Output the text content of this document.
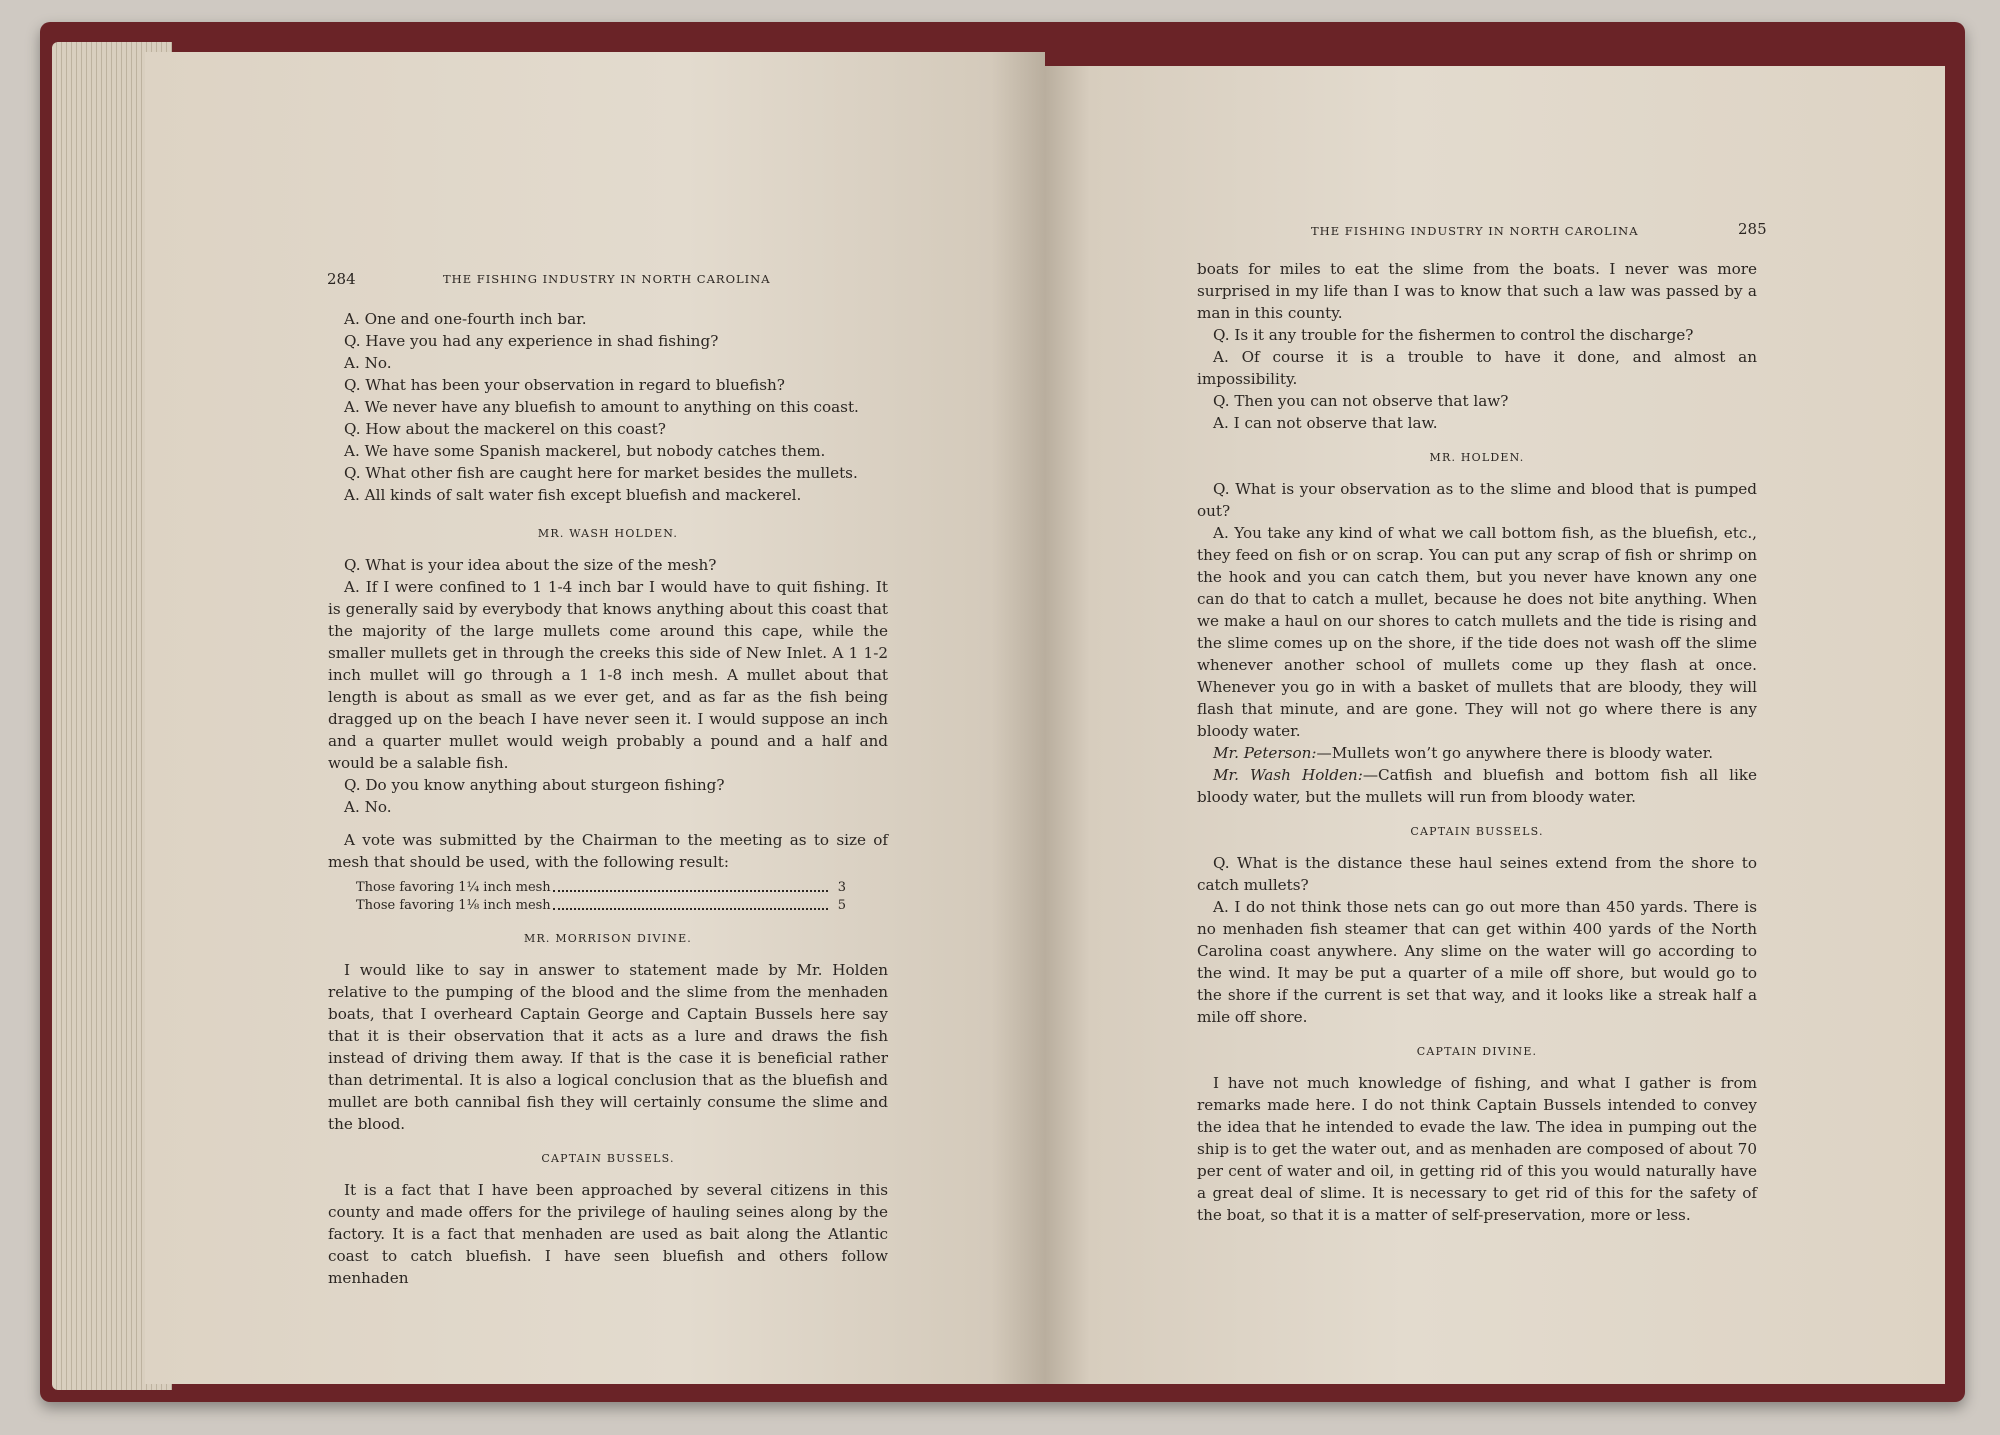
284	THE FISHING INDUSTRY IN NORTH CAROLINA

A. One and one-fourth inch bar.

Q. Have you had any experience in shad fishing?

A. No.

Q. What has been your observation in regard to bluefish?

A. We never have any bluefish to amount to anything on this coast.

Q. How about the mackerel on this coast?

A. We have some Spanish mackerel, but nobody catches them.

Q. What other fish are caught here for market besides the mullets.

A. All kinds of salt water fish except bluefish and mackerel.

MR. WASH HOLDEN.

Q. What is your idea about the size of the mesh?

A. If I were confined to 1 1-4 inch bar I would have to quit fishing. It is generally said by everybody that knows anything about this coast that the majority of the large mullets come around this cape, while the smaller mullets get in through the creeks this side of New Inlet. A 1 1-2 inch mullet will go through a 1 1-8 inch mesh. A mullet about that length is about as small as we ever get, and as far as the fish being dragged up on the beach I have never seen it. I would suppose an inch and a quarter mullet would weigh probably a pound and a half and would be a salable fish.

Q. Do you know anything about sturgeon fishing?

A. No.

A vote was submitted by the Chairman to the meeting as to size of mesh that should be used, with the following result:

Those favoring 1¼ inch mesh	3
Those favoring 1⅛ inch mesh	5
MR. MORRISON DIVINE.

I would like to say in answer to statement made by Mr. Holden relative to the pumping of the blood and the slime from the menhaden boats, that I overheard Captain George and Captain Bussels here say that it is their observation that it acts as a lure and draws the fish instead of driving them away. If that is the case it is beneficial rather than detrimental. It is also a logical conclusion that as the bluefish and mullet are both cannibal fish they will certainly consume the slime and the blood.

CAPTAIN BUSSELS.

It is a fact that I have been approached by several citizens in this county and made offers for the privilege of hauling seines along by the factory. It is a fact that menhaden are used as bait along the Atlantic coast to catch bluefish. I have seen bluefish and others follow menhaden

THE FISHING INDUSTRY IN NORTH CAROLINA	285

boats for miles to eat the slime from the boats. I never was more surprised in my life than I was to know that such a law was passed by a man in this county.

Q. Is it any trouble for the fishermen to control the discharge?

A. Of course it is a trouble to have it done, and almost an impossibility.

Q. Then you can not observe that law?

A. I can not observe that law.

MR. HOLDEN.

Q. What is your observation as to the slime and blood that is pumped out?

A. You take any kind of what we call bottom fish, as the bluefish, etc., they feed on fish or on scrap. You can put any scrap of fish or shrimp on the hook and you can catch them, but you never have known any one can do that to catch a mullet, because he does not bite anything. When we make a haul on our shores to catch mullets and the tide is rising and the slime comes up on the shore, if the tide does not wash off the slime whenever another school of mullets come up they flash at once. Whenever you go in with a basket of mullets that are bloody, they will flash that minute, and are gone. They will not go where there is any bloody water.

Mr. Peterson:—Mullets won’t go anywhere there is bloody water.

Mr. Wash Holden:—Catfish and bluefish and bottom fish all like bloody water, but the mullets will run from bloody water.

CAPTAIN BUSSELS.

Q. What is the distance these haul seines extend from the shore to catch mullets?

A. I do not think those nets can go out more than 450 yards. There is no menhaden fish steamer that can get within 400 yards of the North Carolina coast anywhere. Any slime on the water will go according to the wind. It may be put a quarter of a mile off shore, but would go to the shore if the current is set that way, and it looks like a streak half a mile off shore.

CAPTAIN DIVINE.

I have not much knowledge of fishing, and what I gather is from remarks made here. I do not think Captain Bussels intended to convey the idea that he intended to evade the law. The idea in pumping out the ship is to get the water out, and as menhaden are composed of about 70 per cent of water and oil, in getting rid of this you would naturally have a great deal of slime. It is necessary to get rid of this for the safety of the boat, so that it is a matter of self-preservation, more or less.
